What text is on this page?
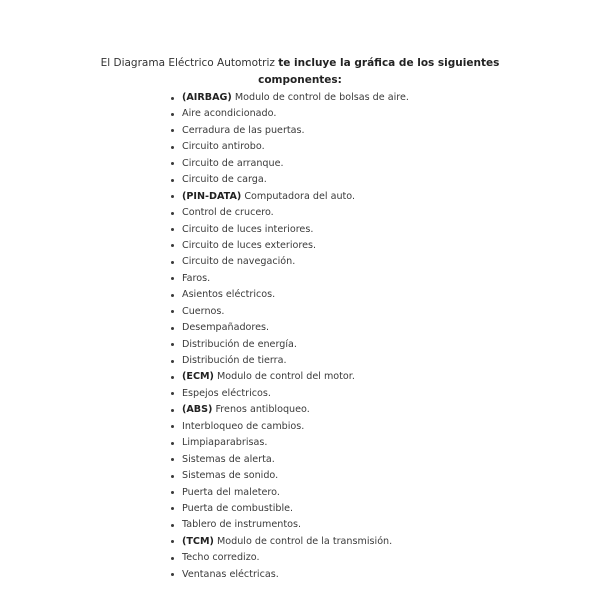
El Diagrama Eléctrico Automotriz te incluye la gráfica de los siguientes componentes:

(AIRBAG) Modulo de control de bolsas de aire.
Aire acondicionado.
Cerradura de las puertas.
Circuito antirobo.
Circuito de arranque.
Circuito de carga.
(PIN-DATA) Computadora del auto.
Control de crucero.
Circuito de luces interiores.
Circuito de luces exteriores.
Circuito de navegación.
Faros.
Asientos eléctricos.
Cuernos.
Desempañadores.
Distribución de energía.
Distribución de tierra.
(ECM) Modulo de control del motor.
Espejos eléctricos.
(ABS) Frenos antibloqueo.
Interbloqueo de cambios.
Limpiaparabrisas.
Sistemas de alerta.
Sistemas de sonido.
Puerta del maletero.
Puerta de combustible.
Tablero de instrumentos.
(TCM) Modulo de control de la transmisión.
Techo corredizo.
Ventanas eléctricas.
